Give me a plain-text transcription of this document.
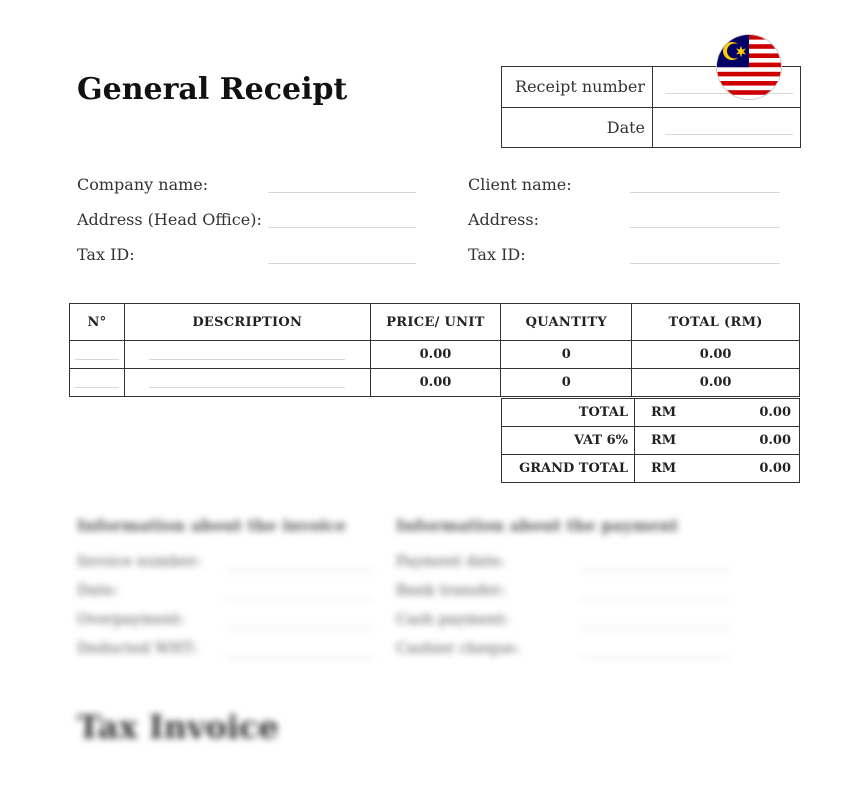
General Receipt	Receipt number
Date
Company name:
Address (Head Office):
Tax ID:
Client name:
Address:
Tax ID:
N°	DESCRIPTION	PRICE/ UNIT	QUANTITY	TOTAL (RM)
		0.00	0	0.00
		0.00	0	0.00
TOTAL	RM 0.00

VAT 6%	RM 0.00

GRAND TOTAL	RM 0.00
Information about the invoice
Invoice number:
Date:
Overpayment:
Deducted WHT:
Information about the payment
Payment date:
Bank transfer:
Cash payment:
Cashier cheque:
Tax Invoice
